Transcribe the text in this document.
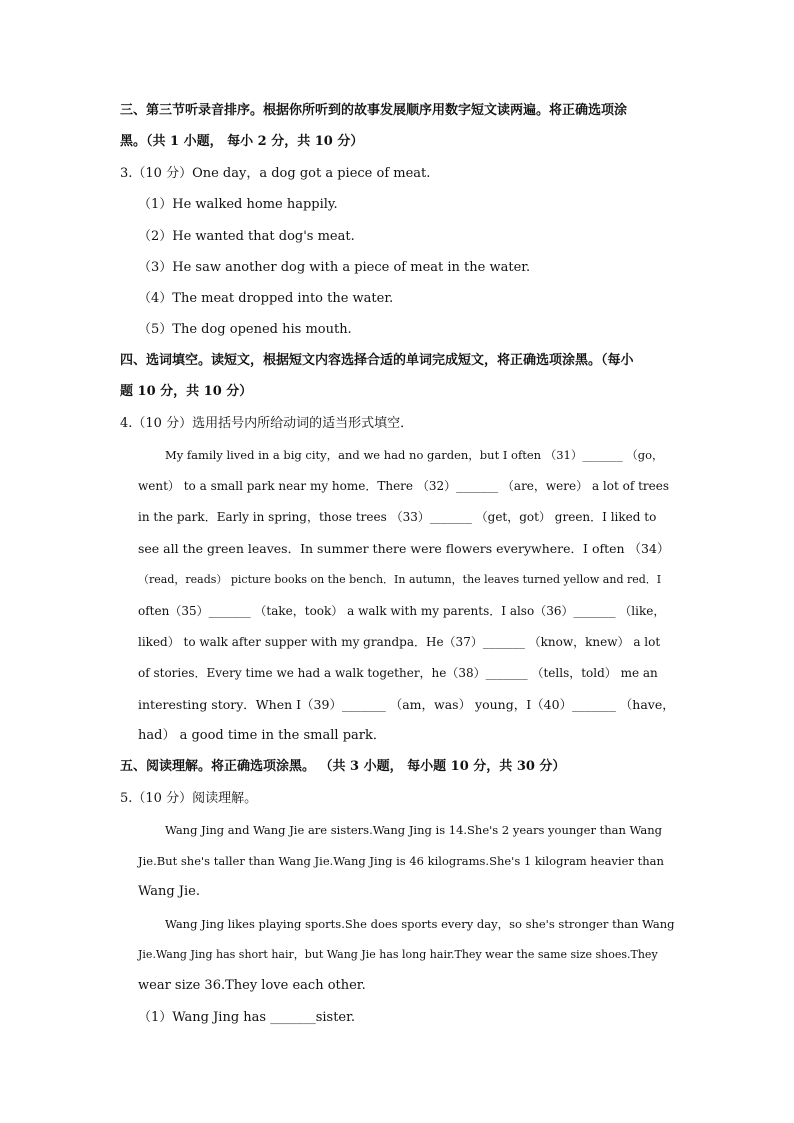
三、第三节听录音排序。根据你所听到的故事发展顺序用数字短文读两遍。将正确选项涂
黑。（共 1 小题， 每小 2 分，共 10 分）
3.（10 分）One day，a dog got a piece of meat.
（1）He walked home happily.
（2）He wanted that dog's meat.
（3）He saw another dog with a piece of meat in the water.
（4）The meat dropped into the water.
（5）The dog opened his mouth.
四、选词填空。读短文，根据短文内容选择合适的单词完成短文，将正确选项涂黑。（每小
题 10 分，共 10 分）
4.（10 分）选用括号内所给动词的适当形式填空．
My family lived in a big city，and we had no garden，but I often （31）_______ （go，
went） to a small park near my home．There （32）_______ （are，were） a lot of trees
in the park．Early in spring，those trees （33）_______ （get，got） green．I liked to
see all the green leaves．In summer there were flowers everywhere．I often （34）
（read，reads） picture books on the bench．In autumn，the leaves turned yellow and red．I
often（35）_______ （take，took） a walk with my parents．I also（36）_______ （like，
liked） to walk after supper with my grandpa．He（37）_______ （know，knew） a lot
of stories．Every time we had a walk together，he（38）_______ （tells，told） me an
interesting story．When I（39）_______ （am，was） young，I（40）_______ （have，
had） a good time in the small park．
五、阅读理解。将正确选项涂黑。 （共 3 小题， 每小题 10 分，共 30 分）
5.（10 分）阅读理解。
Wang Jing and Wang Jie are sisters.Wang Jing is 14.She's 2 years younger than Wang
Jie.But she's taller than Wang Jie.Wang Jing is 46 kilograms.She's 1 kilogram heavier than
Wang Jie.
Wang Jing likes playing sports.She does sports every day，so she's stronger than Wang
Jie.Wang Jing has short hair，but Wang Jie has long hair.They wear the same size shoes.They
wear size 36.They love each other.
（1）Wang Jing has _______sister.
